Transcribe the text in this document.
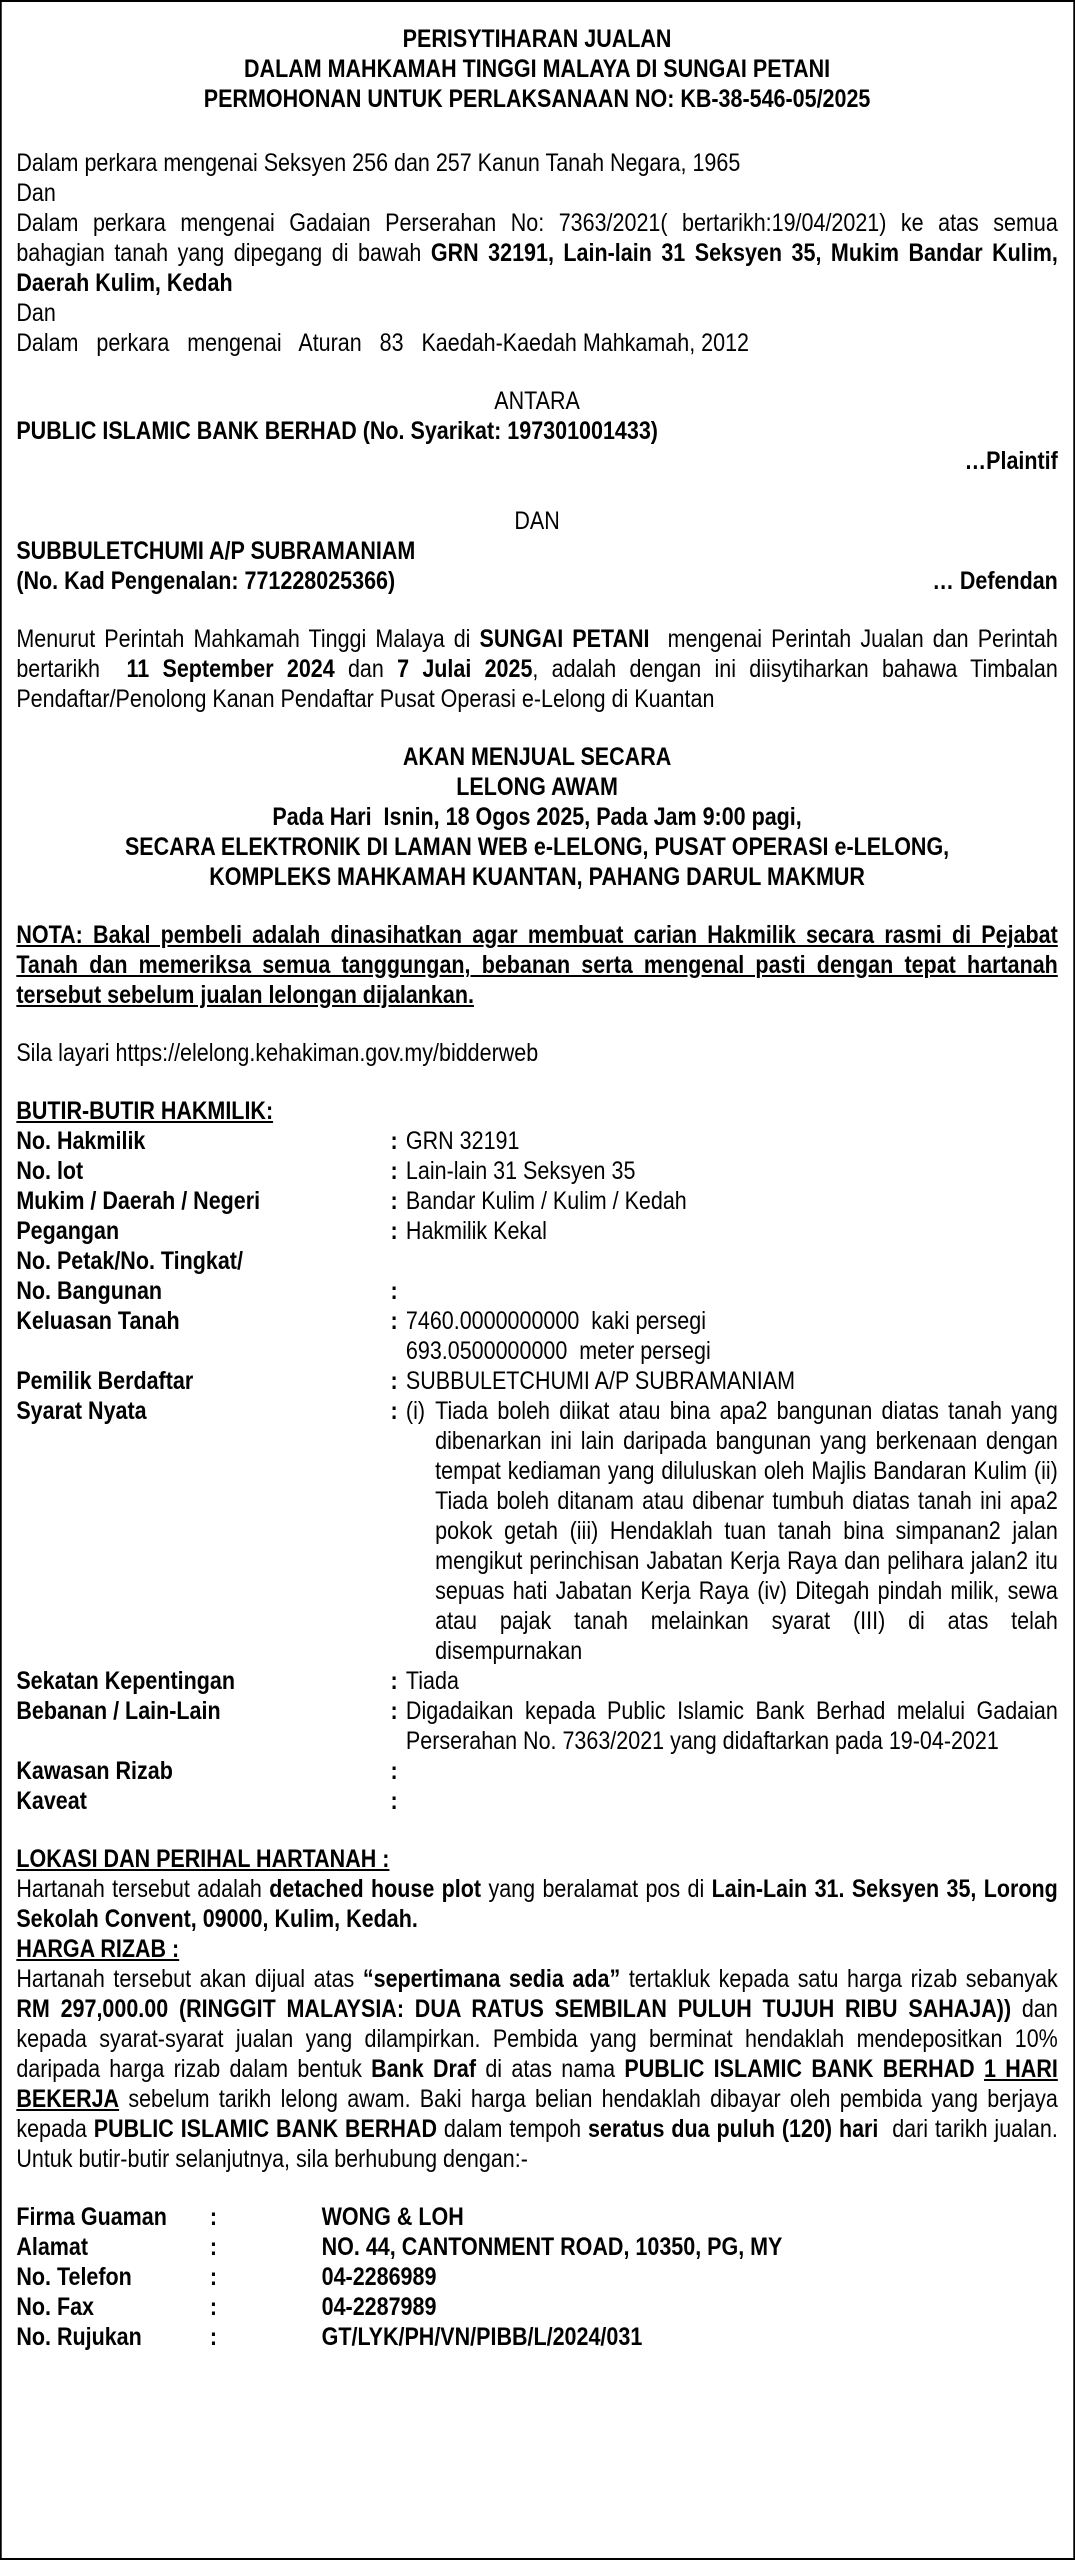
PERISYTIHARAN JUALAN
DALAM MAHKAMAH TINGGI MALAYA DI SUNGAI PETANI
PERMOHONAN UNTUK PERLAKSANAAN NO: KB-38-546-05/2025
Dalam perkara mengenai Seksyen 256 dan 257 Kanun Tanah Negara, 1965
Dan
Dalam perkara mengenai Gadaian Perserahan No: 7363/2021( bertarikh:19/04/2021) ke atas semua bahagian tanah yang dipegang di bawah GRN 32191, Lain-lain 31 Seksyen 35, Mukim Bandar Kulim, Daerah Kulim, Kedah
Dan
Dalam   perkara   mengenai   Aturan   83   Kaedah-Kaedah Mahkamah, 2012
ANTARA
PUBLIC ISLAMIC BANK BERHAD (No. Syarikat: 197301001433)
…Plaintif
DAN
SUBBULETCHUMI A/P SUBRAMANIAM
(No. Kad Pengenalan: 771228025366)	… Defendan
Menurut Perintah Mahkamah Tinggi Malaya di SUNGAI PETANI  mengenai Perintah Jualan dan Perintah bertarikh  11 September 2024 dan 7 Julai 2025, adalah dengan ini diisytiharkan bahawa Timbalan Pendaftar/Penolong Kanan Pendaftar Pusat Operasi e-Lelong di Kuantan
AKAN MENJUAL SECARA
LELONG AWAM
Pada Hari  Isnin, 18 Ogos 2025, Pada Jam 9:00 pagi,
SECARA ELEKTRONIK DI LAMAN WEB e-LELONG, PUSAT OPERASI e-LELONG,
KOMPLEKS MAHKAMAH KUANTAN, PAHANG DARUL MAKMUR
NOTA: Bakal pembeli adalah dinasihatkan agar membuat carian Hakmilik secara rasmi di Pejabat Tanah dan memeriksa semua tanggungan, bebanan serta mengenal pasti dengan tepat hartanah tersebut sebelum jualan lelongan dijalankan.
Sila layari https://elelong.kehakiman.gov.my/bidderweb
BUTIR-BUTIR HAKMILIK:
No. Hakmilik	: GRN 32191
No. lot	: Lain-lain 31 Seksyen 35
Mukim / Daerah / Negeri	: Bandar Kulim / Kulim / Kedah
Pegangan	: Hakmilik Kekal
No. Petak/No. Tingkat/
No. Bangunan	:
Keluasan Tanah	: 7460.0000000000  kaki persegi
693.0500000000  meter persegi
Pemilik Berdaftar	: SUBBULETCHUMI A/P SUBRAMANIAM
Syarat Nyata	: (i) Tiada boleh diikat atau bina apa2 bangunan diatas tanah yang dibenarkan ini lain daripada bangunan yang berkenaan dengan tempat kediaman yang diluluskan oleh Majlis Bandaran Kulim (ii) Tiada boleh ditanam atau dibenar tumbuh diatas tanah ini apa2 pokok getah (iii) Hendaklah tuan tanah bina simpanan2 jalan mengikut perinchisan Jabatan Kerja Raya dan pelihara jalan2 itu sepuas hati Jabatan Kerja Raya (iv) Ditegah pindah milik, sewa atau pajak tanah melainkan syarat (III) di atas telah disempurnakan
Sekatan Kepentingan	: Tiada
Bebanan / Lain-Lain	: Digadaikan kepada Public Islamic Bank Berhad melalui Gadaian Perserahan No. 7363/2021 yang didaftarkan pada 19-04-2021
Kawasan Rizab	:
Kaveat	:
LOKASI DAN PERIHAL HARTANAH :
Hartanah tersebut adalah detached house plot yang beralamat pos di Lain-Lain 31. Seksyen 35, Lorong Sekolah Convent, 09000, Kulim, Kedah.
HARGA RIZAB :
Hartanah tersebut akan dijual atas “sepertimana sedia ada” tertakluk kepada satu harga rizab sebanyak  RM 297,000.00 (RINGGIT MALAYSIA: DUA RATUS SEMBILAN PULUH TUJUH RIBU SAHAJA)) dan kepada syarat-syarat jualan yang dilampirkan. Pembida yang berminat hendaklah mendepositkan 10% daripada harga rizab dalam bentuk Bank Draf di atas nama PUBLIC ISLAMIC BANK BERHAD 1 HARI BEKERJA sebelum tarikh lelong awam. Baki harga belian hendaklah dibayar oleh pembida yang berjaya kepada PUBLIC ISLAMIC BANK BERHAD dalam tempoh seratus dua puluh (120) hari  dari tarikh jualan. Untuk butir-butir selanjutnya, sila berhubung dengan:-
Firma Guaman	:	WONG & LOH
Alamat	:	NO. 44, CANTONMENT ROAD, 10350, PG, MY
No. Telefon	:	04-2286989
No. Fax	:	04-2287989
No. Rujukan	:	GT/LYK/PH/VN/PIBB/L/2024/031
